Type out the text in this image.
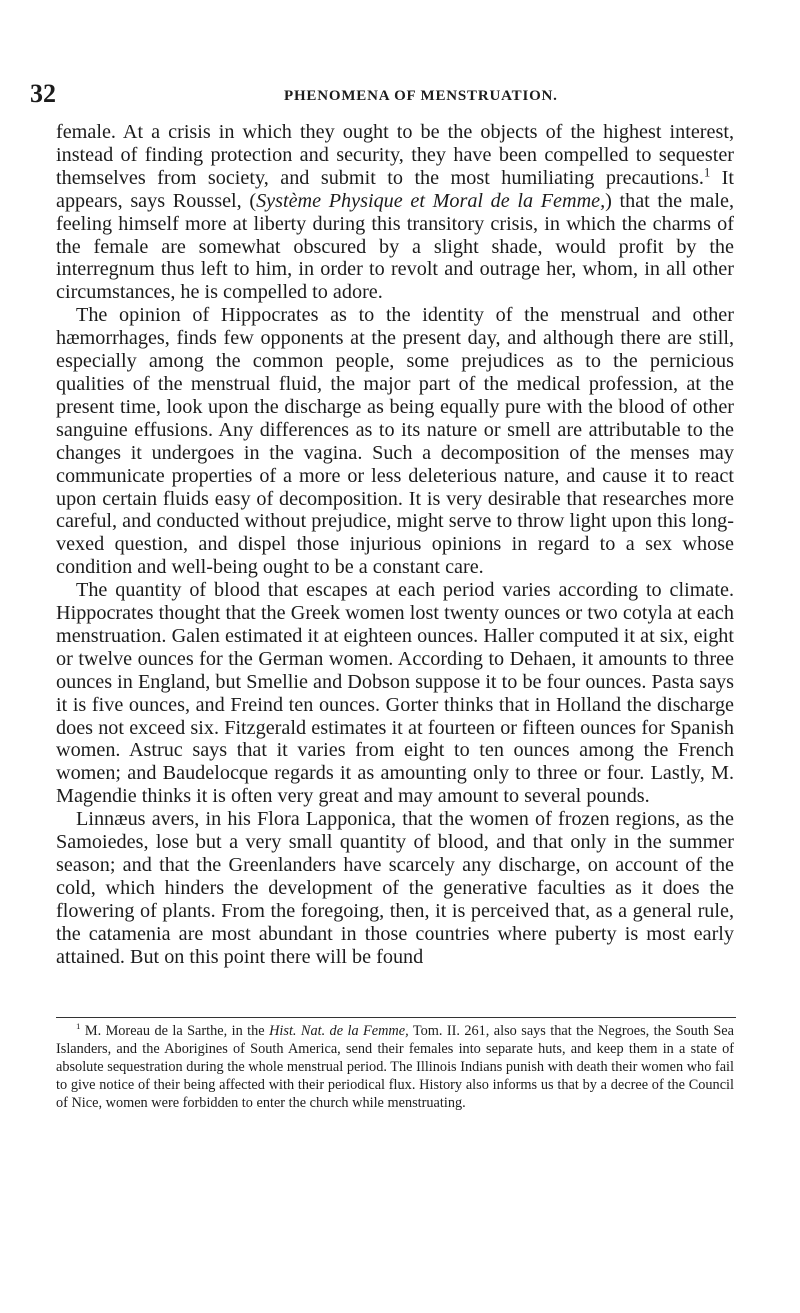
32	PHENOMENA OF MENSTRUATION.

female. At a crisis in which they ought to be the objects of the highest interest, instead of finding protection and security, they have been compelled to sequester themselves from society, and submit to the most humiliating precautions.$^1$ It appears, says Roussel, (Système Physique et Moral de la Femme,) that the male, feeling himself more at liberty during this transitory crisis, in which the charms of the female are somewhat obscured by a slight shade, would profit by the interregnum thus left to him, in order to revolt and outrage her, whom, in all other circumstances, he is compelled to adore.

The opinion of Hippocrates as to the identity of the menstrual and other hæmorrhages, finds few opponents at the present day, and although there are still, especially among the common people, some prejudices as to the pernicious qualities of the menstrual fluid, the major part of the medical profession, at the present time, look upon the discharge as being equally pure with the blood of other sanguine effusions. Any differences as to its nature or smell are attributable to the changes it undergoes in the vagina. Such a decomposition of the menses may communicate properties of a more or less deleterious nature, and cause it to react upon certain fluids easy of decomposition. It is very desirable that researches more careful, and conducted without prejudice, might serve to throw light upon this long-vexed question, and dispel those injurious opinions in regard to a sex whose condition and well-being ought to be a constant care.

The quantity of blood that escapes at each period varies according to climate. Hippocrates thought that the Greek women lost twenty ounces or two cotyla at each menstruation. Galen estimated it at eighteen ounces. Haller computed it at six, eight or twelve ounces for the German women. According to Dehaen, it amounts to three ounces in England, but Smellie and Dobson suppose it to be four ounces. Pasta says it is five ounces, and Freind ten ounces. Gorter thinks that in Holland the discharge does not exceed six. Fitzgerald estimates it at fourteen or fifteen ounces for Spanish women. Astruc says that it varies from eight to ten ounces among the French women; and Baudelocque regards it as amounting only to three or four. Lastly, M. Magendie thinks it is often very great and may amount to several pounds.

Linnæus avers, in his Flora Lapponica, that the women of frozen regions, as the Samoiedes, lose but a very small quantity of blood, and that only in the summer season; and that the Greenlanders have scarcely any discharge, on account of the cold, which hinders the development of the generative faculties as it does the flowering of plants. From the foregoing, then, it is perceived that, as a general rule, the catamenia are most abundant in those countries where puberty is most early attained. But on this point there will be found

$^1$ M. Moreau de la Sarthe, in the Hist. Nat. de la Femme, Tom. II. 261, also says that the Negroes, the South Sea Islanders, and the Aborigines of South America, send their females into separate huts, and keep them in a state of absolute sequestration during the whole menstrual period. The Illinois Indians punish with death their women who fail to give notice of their being affected with their periodical flux. History also informs us that by a decree of the Council of Nice, women were forbidden to enter the church while menstruating.
